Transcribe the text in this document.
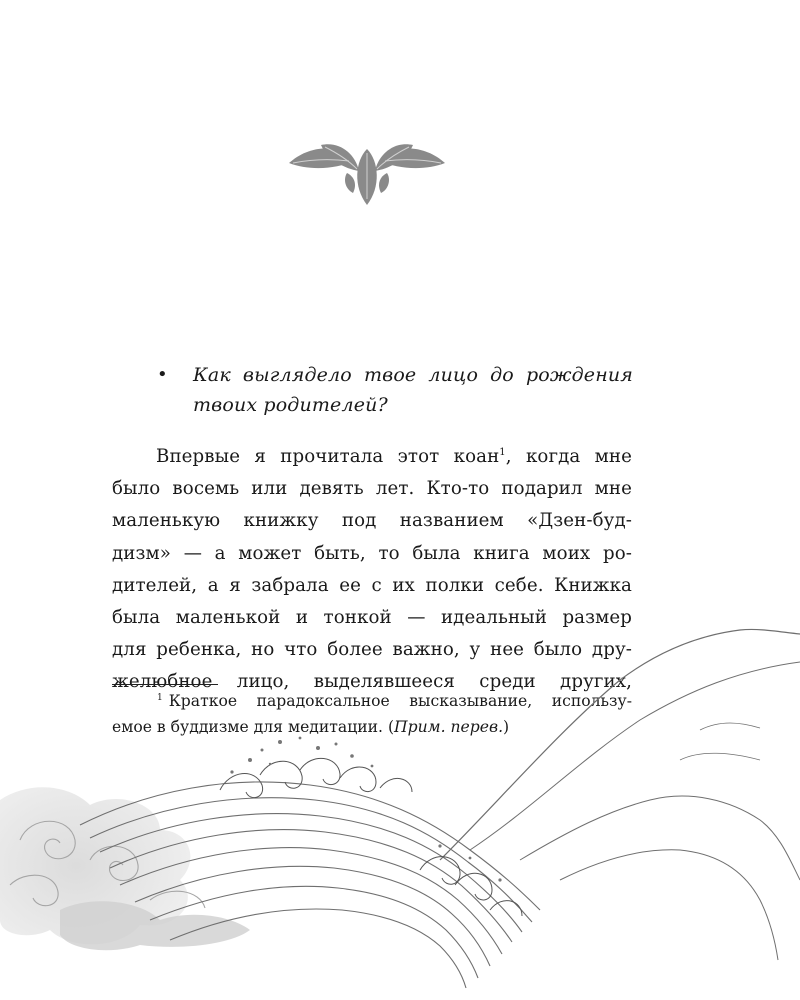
• Как выглядело твое лицо до рождения твоих родителей?
Впервые я прочитала этот коан$^1$, когда мне
было восемь или девять лет. Кто-то подарил мне
маленькую книжку под названием «Дзен-буд-
дизм» — а может быть, то была книга моих ро-
дителей, а я забрала ее с их полки себе. Книжка
была маленькой и тонкой — идеальный размер
для ребенка, но что более важно, у нее было дру-
желюбное лицо, выделявшееся среди других,
$^1$ Краткое парадоксальное высказывание, использу-
емое в буддизме для медитации. (Прим. перев.)
